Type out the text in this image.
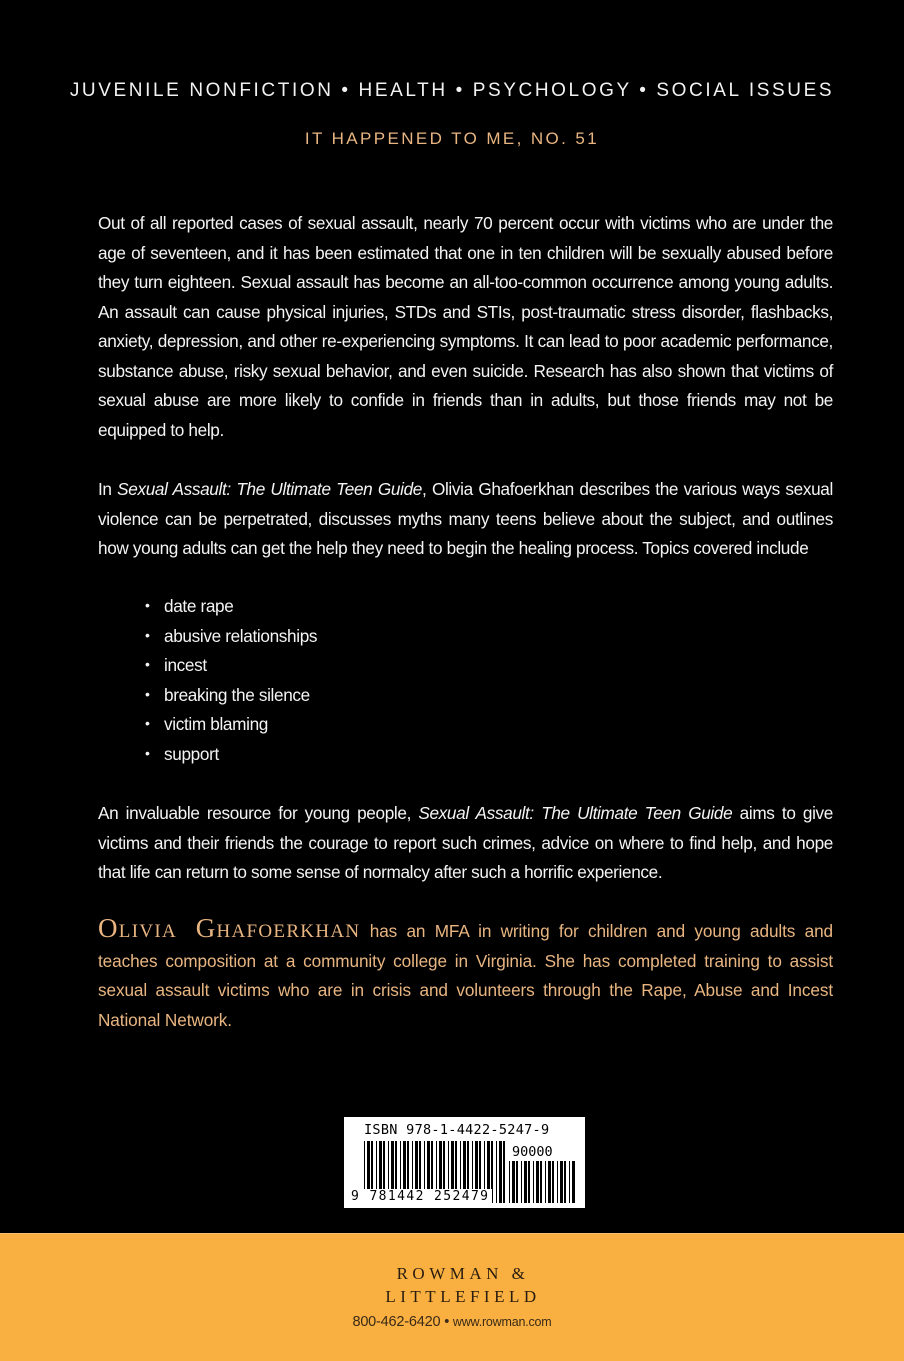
JUVENILE NONFICTION • HEALTH • PSYCHOLOGY • SOCIAL ISSUES
IT HAPPENED TO ME, NO. 51

Out of all reported cases of sexual assault, nearly 70 percent occur with victims who are under the age of seventeen, and it has been estimated that one in ten children will be sexually abused before they turn eighteen. Sexual assault has become an all-too-common occurrence among young adults. An assault can cause physical injuries, STDs and STIs, post-traumatic stress disorder, flashbacks, anxiety, depression, and other re-experiencing symptoms. It can lead to poor academic performance, substance abuse, risky sexual behavior, and even suicide. Research has also shown that victims of sexual abuse are more likely to confide in friends than in adults, but those friends may not be equipped to help.

In Sexual Assault: The Ultimate Teen Guide, Olivia Ghafoerkhan describes the various ways sexual violence can be perpetrated, discusses myths many teens believe about the subject, and outlines how young adults can get the help they need to begin the healing process. Topics covered include

• date rape
• abusive relationships
• incest
• breaking the silence
• victim blaming
• support

An invaluable resource for young people, Sexual Assault: The Ultimate Teen Guide aims to give victims and their friends the courage to report such crimes, advice on where to find help, and hope that life can return to some sense of normalcy after such a horrific experience.

Olivia Ghafoerkhan has an MFA in writing for children and young adults and teaches composition at a community college in Virginia. She has completed training to assist sexual assault victims who are in crisis and volunteers through the Rape, Abuse and Incest National Network.

ISBN 978-1-4422-5247-9
90000
9 781442 252479
ROWMAN &
LITTLEFIELD
800-462-6420 • www.rowman.com
